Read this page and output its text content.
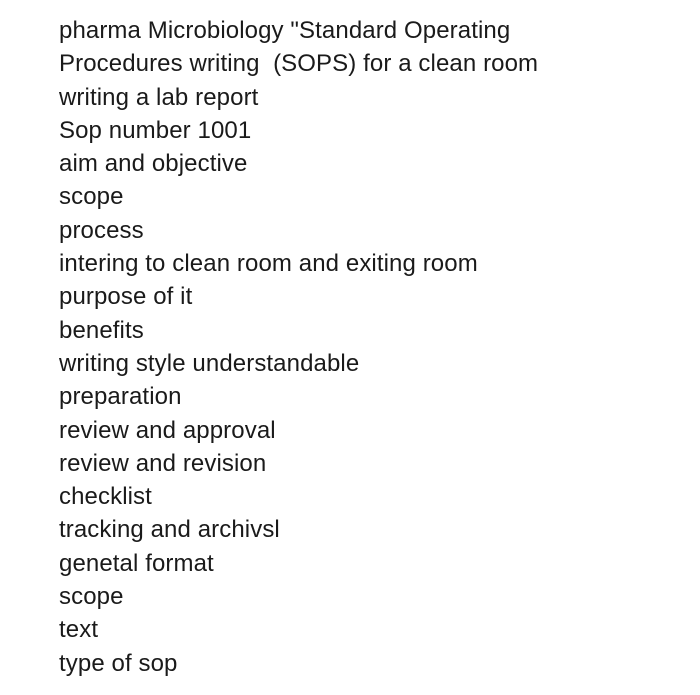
pharma Microbiology "Standard Operating
Procedures writing  (SOPS) for a clean room
writing a lab report
Sop number 1001
aim and objective
scope
process
intering to clean room and exiting room
purpose of it
benefits
writing style understandable
preparation
review and approval
review and revision
checklist
tracking and archivsl
genetal format
scope
text
type of sop
